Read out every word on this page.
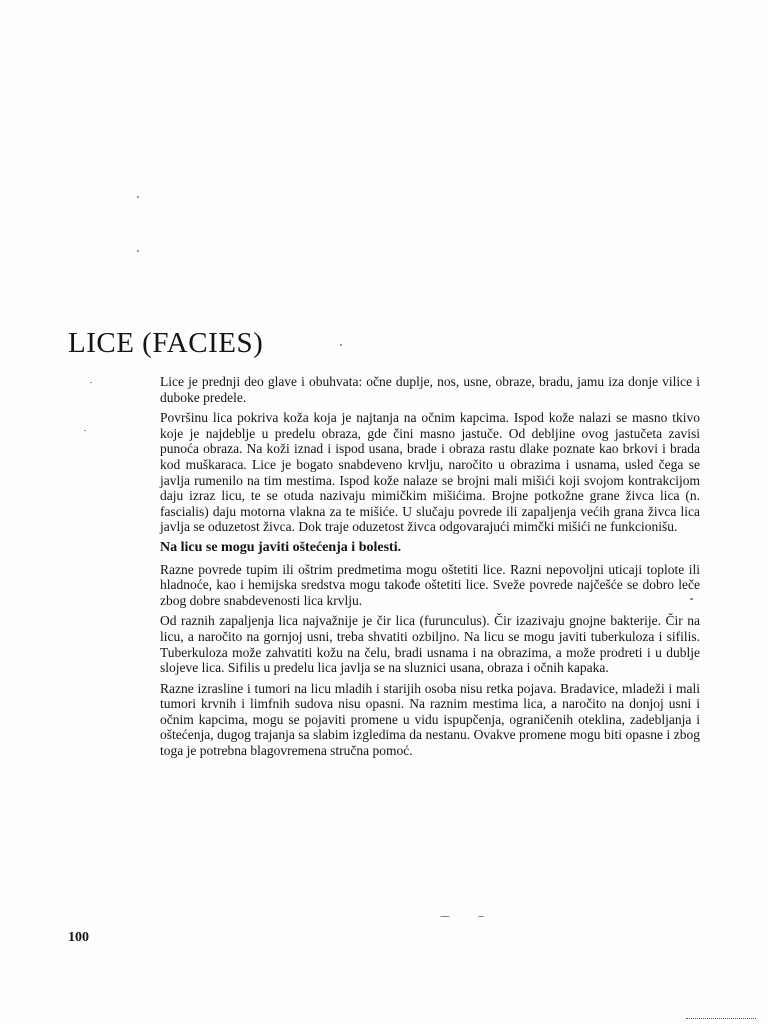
LICE (FACIES)

Lice je prednji deo glave i obuhvata: očne duplje, nos, usne, obraze, bradu, jamu iza donje vilice i duboke predele.

Površinu lica pokriva koža koja je najtanja na očnim kapcima. Ispod kože nalazi se masno tkivo koje je najdeblje u predelu obraza, gde čini masno jastuče. Od debljine ovog jastučeta zavisi punoća obraza. Na koži iznad i ispod usana, brade i obraza rastu dlake poznate kao brkovi i brada kod muškaraca. Lice je bogato snabdeveno krvlju, naročito u obrazima i usnama, usled čega se javlja rumenilo na tim mestima. Ispod kože nalaze se brojni mali mišići koji svojom kontrakcijom daju izraz licu, te se otuda nazivaju mimičkim mišićima. Brojne potkožne grane živca lica (n. fascialis) daju motorna vlakna za te mišiće. U slučaju povrede ili zapaljenja većih grana živca lica javlja se oduzetost živca. Dok traje oduzetost živca odgovarajući mimčki mišići ne funkcionišu.

Na licu se mogu javiti oštećenja i bolesti.

Razne povrede tupim ili oštrim predmetima mogu oštetiti lice. Razni nepovoljni uticaji toplote ili hladnoće, kao i hemijska sredstva mogu takođe oštetiti lice. Sveže povrede najčešće se dobro leče zbog dobre snabdevenosti lica krvlju.

Od raznih zapaljenja lica najvažnije je čir lica (furunculus). Čir izazivaju gnojne bakterije. Čir na licu, a naročito na gornjoj usni, treba shvatiti ozbiljno. Na licu se mogu javiti tuberkuloza i sifilis. Tuberkuloza može zahvatiti kožu na čelu, bradi usnama i na obrazima, a može prodreti i u dublje slojeve lica. Sifilis u predelu lica javlja se na sluznici usana, obraza i očnih kapaka.

Razne izrasline i tumori na licu mladih i starijih osoba nisu retka pojava. Bradavice, mladeži i mali tumori krvnih i limfnih sudova nisu opasni. Na raznim mestima lica, a naročito na donjoj usni i očnim kapcima, mogu se pojaviti promene u vidu ispupčenja, ograničenih oteklina, zadebljanja i oštećenja, dugog trajanja sa slabim izgledima da nestanu. Ovakve promene mogu biti opasne i zbog toga je potrebna blagovremena stručna pomoć.

100
